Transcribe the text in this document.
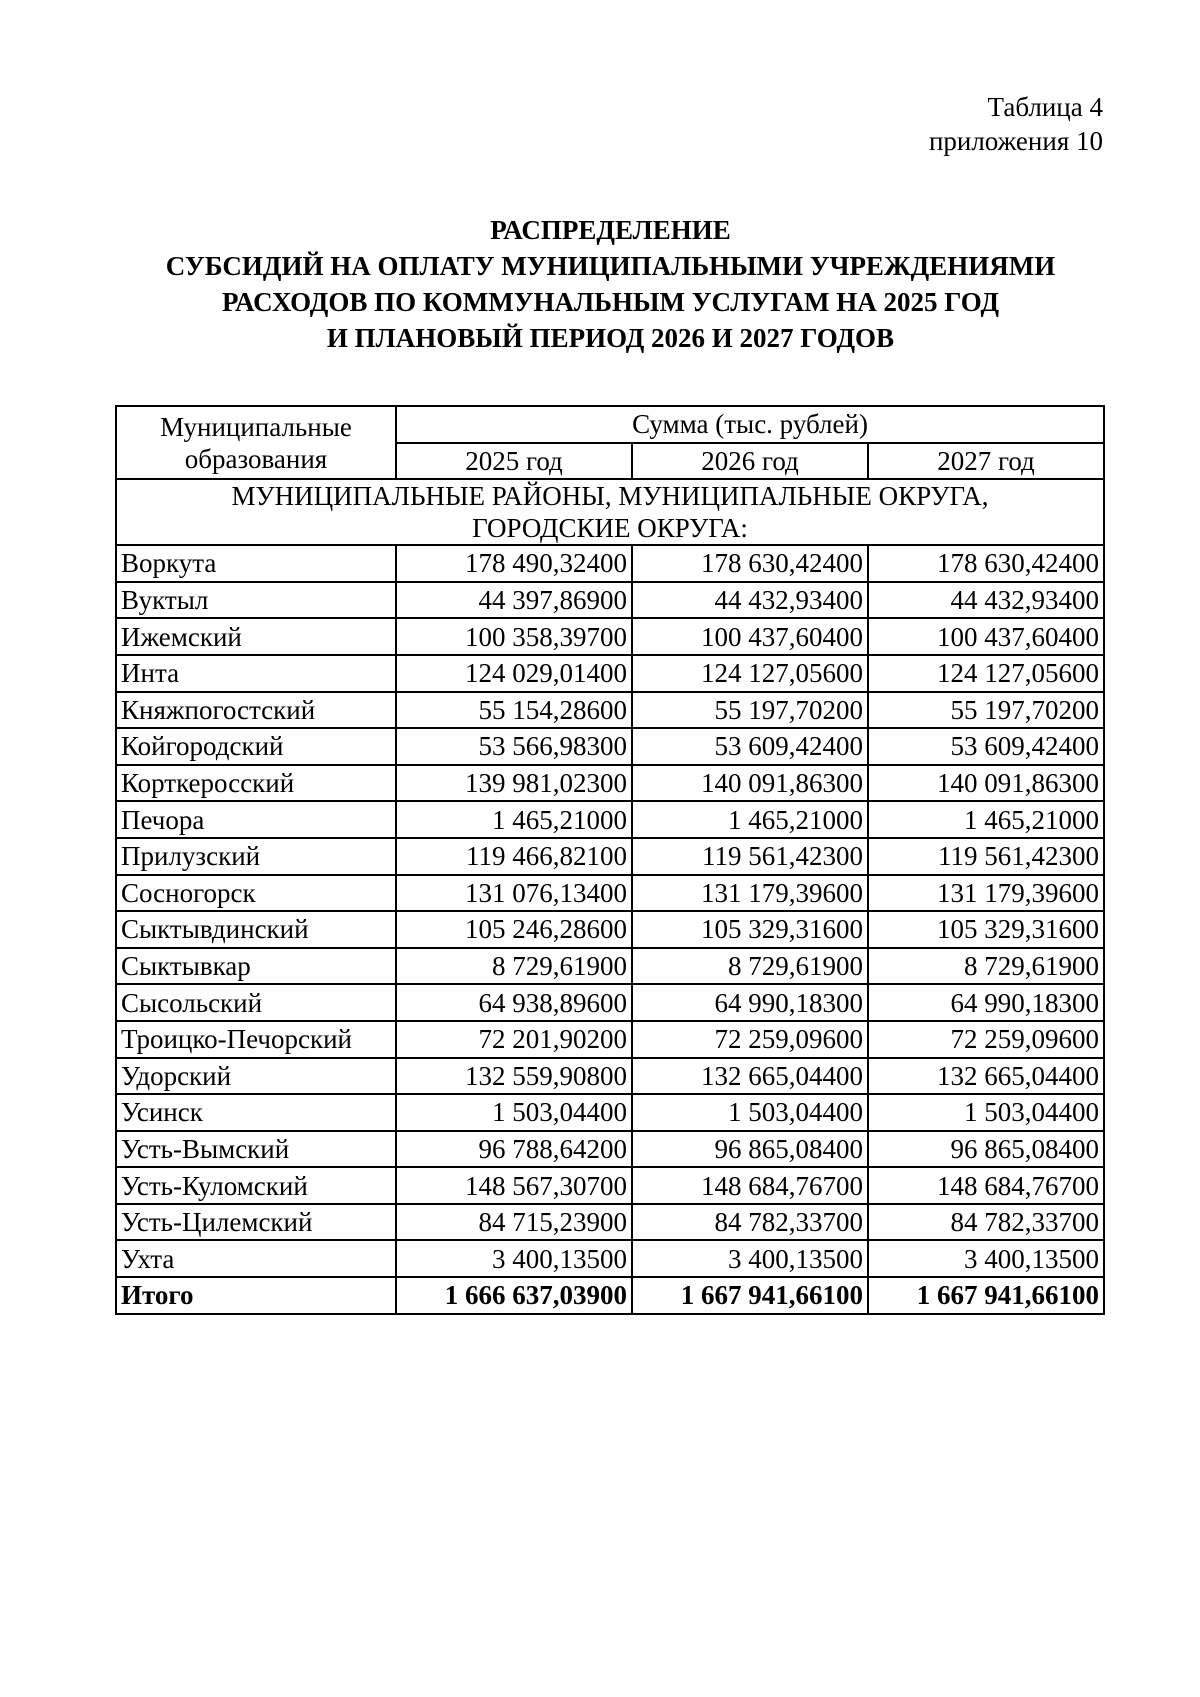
Таблица 4
приложения 10
РАСПРЕДЕЛЕНИЕ
СУБСИДИЙ НА ОПЛАТУ МУНИЦИПАЛЬНЫМИ УЧРЕЖДЕНИЯМИ
РАСХОДОВ ПО КОММУНАЛЬНЫМ УСЛУГАМ НА 2025 ГОД
И ПЛАНОВЫЙ ПЕРИОД 2026 И 2027 ГОДОВ
Муниципальные
образования	Сумма (тыс. рублей)		
	2025 год	2026 год	2027 год
МУНИЦИПАЛЬНЫЕ РАЙОНЫ, МУНИЦИПАЛЬНЫЕ ОКРУГА,
ГОРОДСКИЕ ОКРУГА:			
Воркута	178 490,32400	178 630,42400	178 630,42400
Вуктыл	44 397,86900	44 432,93400	44 432,93400
Ижемский	100 358,39700	100 437,60400	100 437,60400
Инта	124 029,01400	124 127,05600	124 127,05600
Княжпогостский	55 154,28600	55 197,70200	55 197,70200
Койгородский	53 566,98300	53 609,42400	53 609,42400
Корткеросский	139 981,02300	140 091,86300	140 091,86300
Печора	1 465,21000	1 465,21000	1 465,21000
Прилузский	119 466,82100	119 561,42300	119 561,42300
Сосногорск	131 076,13400	131 179,39600	131 179,39600
Сыктывдинский	105 246,28600	105 329,31600	105 329,31600
Сыктывкар	8 729,61900	8 729,61900	8 729,61900
Сысольский	64 938,89600	64 990,18300	64 990,18300
Троицко-Печорский	72 201,90200	72 259,09600	72 259,09600
Удорский	132 559,90800	132 665,04400	132 665,04400
Усинск	1 503,04400	1 503,04400	1 503,04400
Усть-Вымский	96 788,64200	96 865,08400	96 865,08400
Усть-Куломский	148 567,30700	148 684,76700	148 684,76700
Усть-Цилемский	84 715,23900	84 782,33700	84 782,33700
Ухта	3 400,13500	3 400,13500	3 400,13500
Итого	1 666 637,03900	1 667 941,66100	1 667 941,66100
